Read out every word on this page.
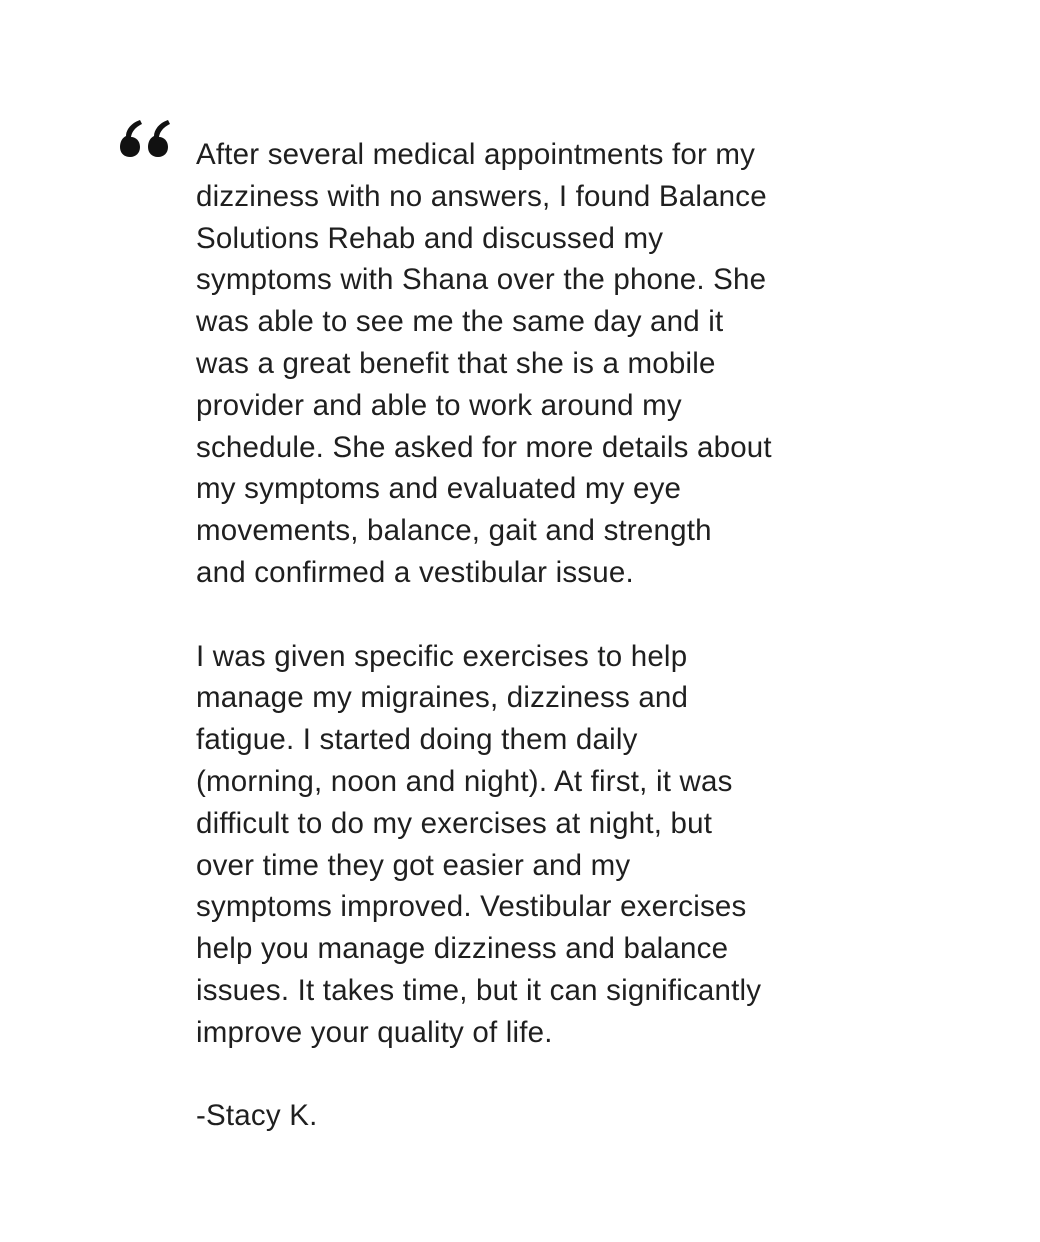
After several medical appointments for my
dizziness with no answers, I found Balance
Solutions Rehab and discussed my
symptoms with Shana over the phone. She
was able to see me the same day and it
was a great benefit that she is a mobile
provider and able to work around my
schedule. She asked for more details about
my symptoms and evaluated my eye
movements, balance, gait and strength
and confirmed a vestibular issue.

I was given specific exercises to help
manage my migraines, dizziness and
fatigue. I started doing them daily
(morning, noon and night). At first, it was
difficult to do my exercises at night, but
over time they got easier and my
symptoms improved. Vestibular exercises
help you manage dizziness and balance
issues. It takes time, but it can significantly
improve your quality of life.

-Stacy K.
